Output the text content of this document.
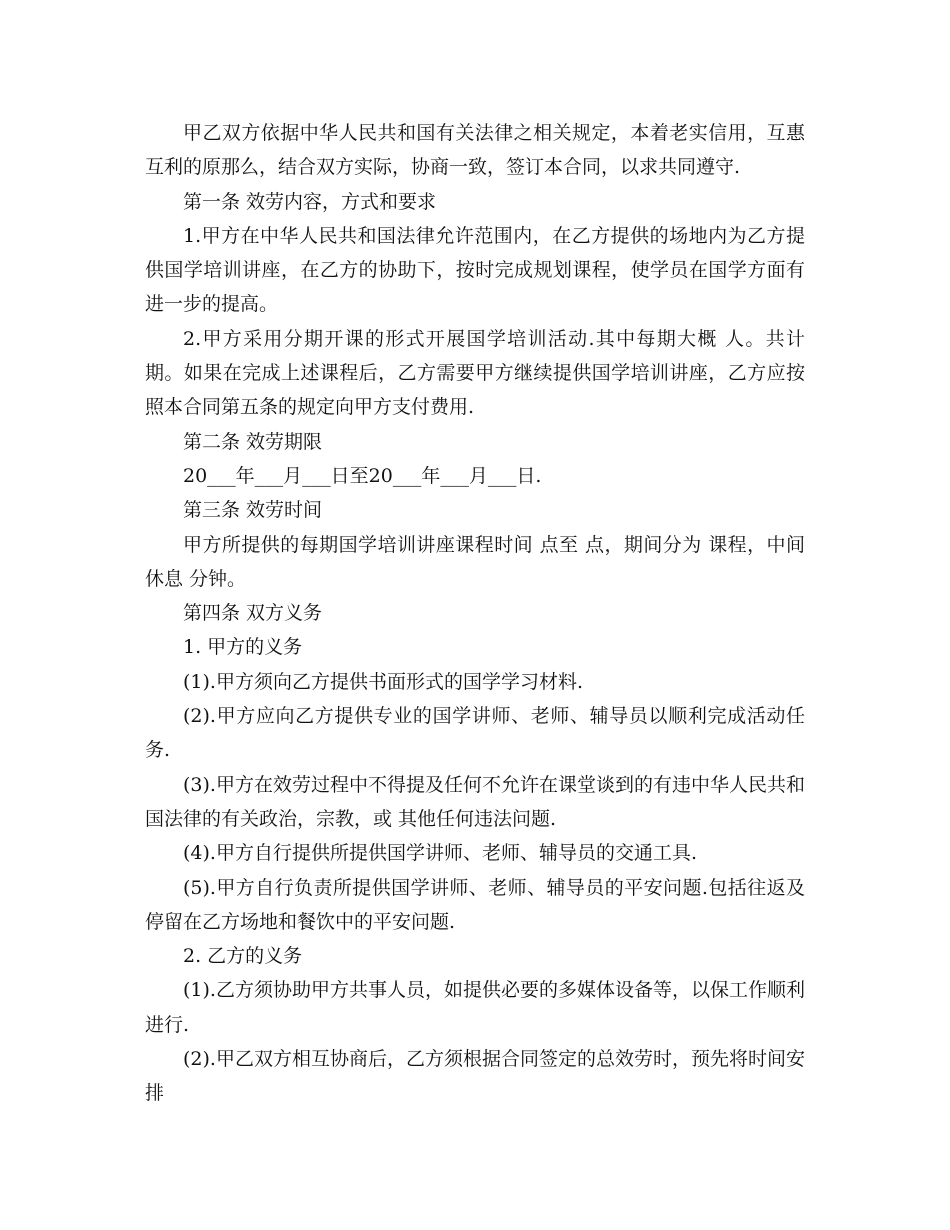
甲乙双方依据中华人民共和国有关法律之相关规定，本着老实信用，互惠互利的原那么，结合双方实际，协商一致，签订本合同，以求共同遵守.

第一条 效劳内容，方式和要求

1.甲方在中华人民共和国法律允许范围内，在乙方提供的场地内为乙方提供国学培训讲座，在乙方的协助下，按时完成规划课程，使学员在国学方面有进一步的提高。

2.甲方采用分期开课的形式开展国学培训活动.其中每期大概 人。共计 期。如果在完成上述课程后，乙方需要甲方继续提供国学培训讲座，乙方应按照本合同第五条的规定向甲方支付费用.

第二条 效劳期限

20___年___月___日至20___年___月___日.

第三条 效劳时间

甲方所提供的每期国学培训讲座课程时间 点至 点，期间分为 课程，中间休息 分钟。

第四条 双方义务

1. 甲方的义务

(1).甲方须向乙方提供书面形式的国学学习材料.

(2).甲方应向乙方提供专业的国学讲师、老师、辅导员以顺利完成活动任务.

(3).甲方在效劳过程中不得提及任何不允许在课堂谈到的有违中华人民共和国法律的有关政治，宗教，或 其他任何违法问题.

(4).甲方自行提供所提供国学讲师、老师、辅导员的交通工具.

(5).甲方自行负责所提供国学讲师、老师、辅导员的平安问题.包括往返及停留在乙方场地和餐饮中的平安问题.

2. 乙方的义务

(1).乙方须协助甲方共事人员，如提供必要的多媒体设备等，以保工作顺利进行.

(2).甲乙双方相互协商后，乙方须根据合同签定的总效劳时，预先将时间安排
